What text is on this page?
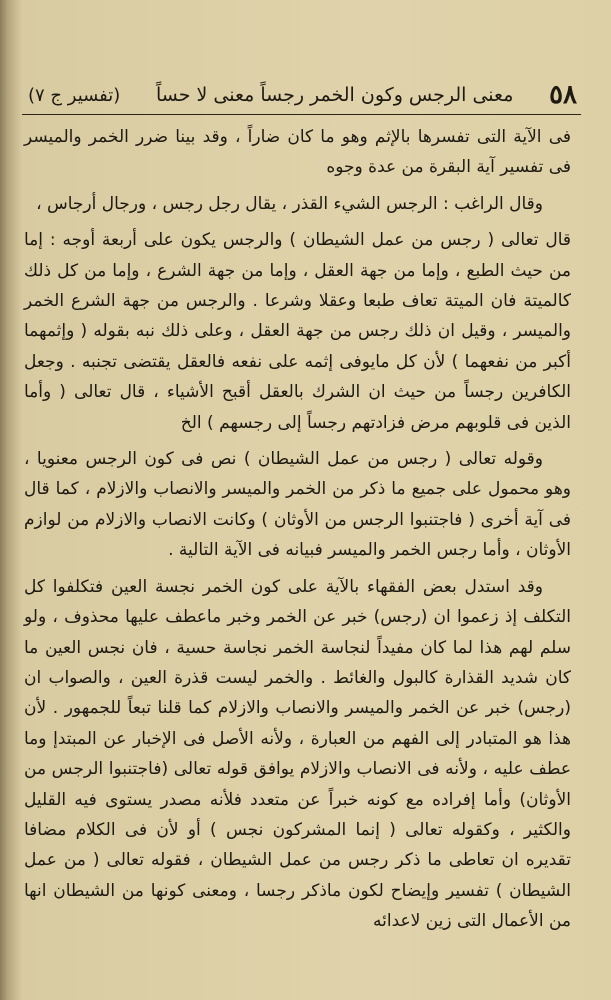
٥٨
معنى الرجس وكون الخمر رجساً معنى لا حساً
(تفسير ج ٧)

فى الآية التى تفسرها بالإثم وهو ما كان ضاراً ، وقد بينا ضرر الخمر والميسر فى تفسير آية البقرة من عدة وجوه

وقال الراغب : الرجس الشيء القذر ، يقال رجل رجس ، ورجال أرجاس ،

قال تعالى ( رجس من عمل الشيطان ) والرجس يكون على أربعة أوجه : إما من حيث الطبع ، وإما من جهة العقل ، وإما من جهة الشرع ، وإما من كل ذلك كالميتة فان الميتة تعاف طبعا وعقلا وشرعا . والرجس من جهة الشرع الخمر والميسر ، وقيل ان ذلك رجس من جهة العقل ، وعلى ذلك نبه بقوله ( وإثمهما أكبر من نفعهما ) لأن كل مايوفى إثمه على نفعه فالعقل يقتضى تجنبه . وجعل الكافرين رجساً من حيث ان الشرك بالعقل أقبح الأشياء ، قال تعالى ( وأما الذين فى قلوبهم مرض فزادتهم رجساً إلى رجسهم ) الخ

وقوله تعالى ( رجس من عمل الشيطان ) نص فى كون الرجس معنويا ، وهو محمول على جميع ما ذكر من الخمر والميسر والانصاب والازلام ، كما قال فى آية أخرى ( فاجتنبوا الرجس من الأوثان ) وكانت الانصاب والازلام من لوازم الأوثان ، وأما رجس الخمر والميسر فبيانه فى الآية التالية .

وقد استدل بعض الفقهاء بالآية على كون الخمر نجسة العين فتكلفوا كل التكلف إذ زعموا ان (رجس) خبر عن الخمر وخبر ماعطف عليها محذوف ، ولو سلم لهم هذا لما كان مفيداً لنجاسة الخمر نجاسة حسية ، فان نجس العين ما كان شديد القذارة كالبول والغائط . والخمر ليست قذرة العين ، والصواب ان (رجس) خبر عن الخمر والميسر والانصاب والازلام كما قلنا تبعاً للجمهور . لأن هذا هو المتبادر إلى الفهم من العبارة ، ولأنه الأصل فى الإخبار عن المبتدإ وما عطف عليه ، ولأنه فى الانصاب والازلام يوافق قوله تعالى (فاجتنبوا الرجس من الأوثان) وأما إفراده مع كونه خبراً عن متعدد فلأنه مصدر يستوى فيه القليل والكثير ، وكقوله تعالى ( إنما المشركون نجس ) أو لأن فى الكلام مضافا تقديره ان تعاطى ما ذكر رجس من عمل الشيطان ، فقوله تعالى ( من عمل الشيطان ) تفسير وإيضاح لكون ماذكر رجسا ، ومعنى كونها من الشيطان انها من الأعمال التى زين لاعدائه
